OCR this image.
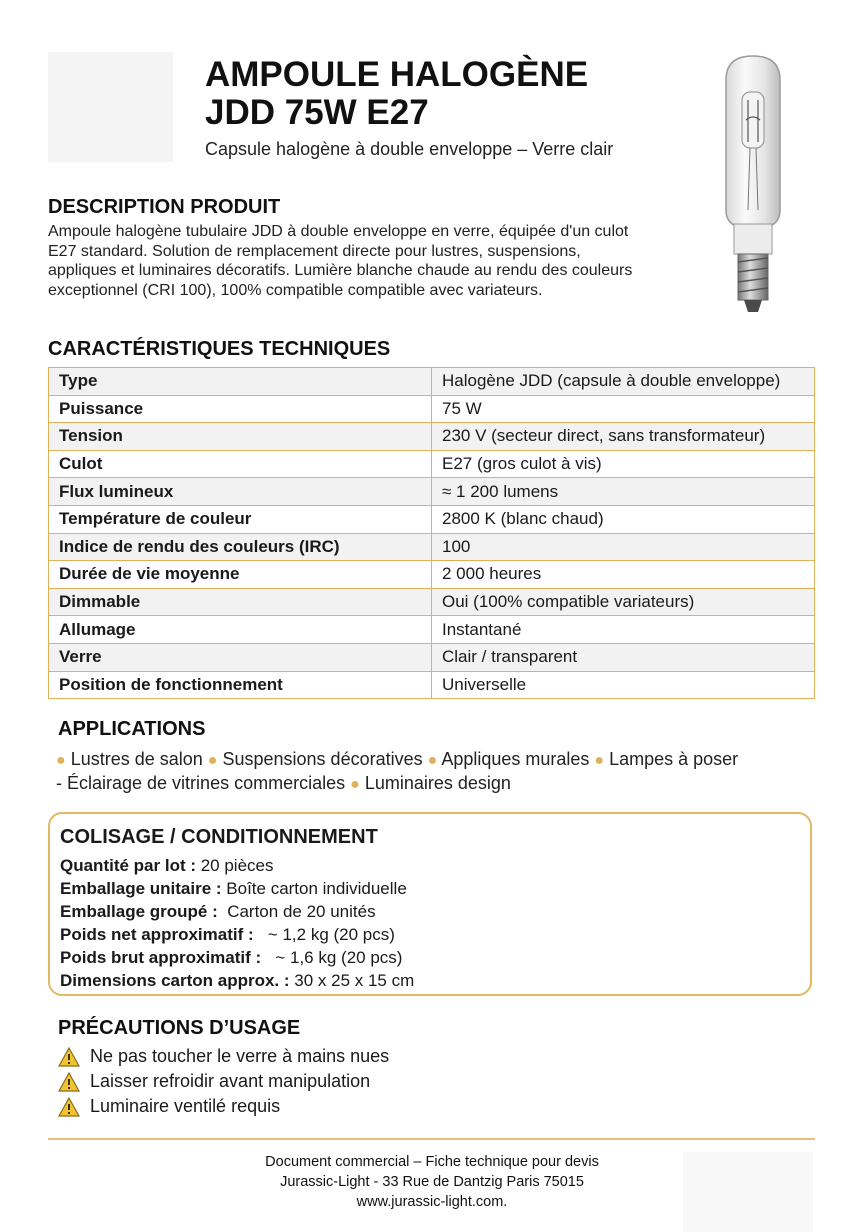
AMPOULE HALOGÈNE
JDD 75W E27
Capsule halogène à double enveloppe – Verre clair
DESCRIPTION PRODUIT
Ampoule halogène tubulaire JDD à double enveloppe en verre, équipée d'un culot E27 standard. Solution de remplacement directe pour lustres, suspensions, appliques et luminaires décoratifs. Lumière blanche chaude au rendu des couleurs exceptionnel (CRI 100), 100% compatible compatible avec variateurs.
CARACTÉRISTIQUES TECHNIQUES
Type	Halogène JDD (capsule à double enveloppe)
Puissance	75 W
Tension	230 V (secteur direct, sans transformateur)
Culot	E27 (gros culot à vis)
Flux lumineux	≈ 1 200 lumens
Température de couleur	2800 K (blanc chaud)
Indice de rendu des couleurs (IRC)	100
Durée de vie moyenne	2 000 heures
Dimmable	Oui (100% compatible variateurs)
Allumage	Instantané
Verre	Clair / transparent
Position de fonctionnement	Universelle
APPLICATIONS
● Lustres de salon ● Suspensions décoratives ● Appliques murales ● Lampes à poser
- Éclairage de vitrines commerciales ● Luminaires design
COLISAGE / CONDITIONNEMENT
Quantité par lot : 20 pièces
Emballage unitaire : Boîte carton individuelle
Emballage groupé :  Carton de 20 unités
Poids net approximatif :   ~ 1,2 kg (20 pcs)
Poids brut approximatif :   ~ 1,6 kg (20 pcs)
Dimensions carton approx. : 30 x 25 x 15 cm
PRÉCAUTIONS D’USAGE
Ne pas toucher le verre à mains nues
Laisser refroidir avant manipulation
Luminaire ventilé requis
Document commercial – Fiche technique pour devis
Jurassic-Light - 33 Rue de Dantzig Paris 75015
www.jurassic-light.com.
